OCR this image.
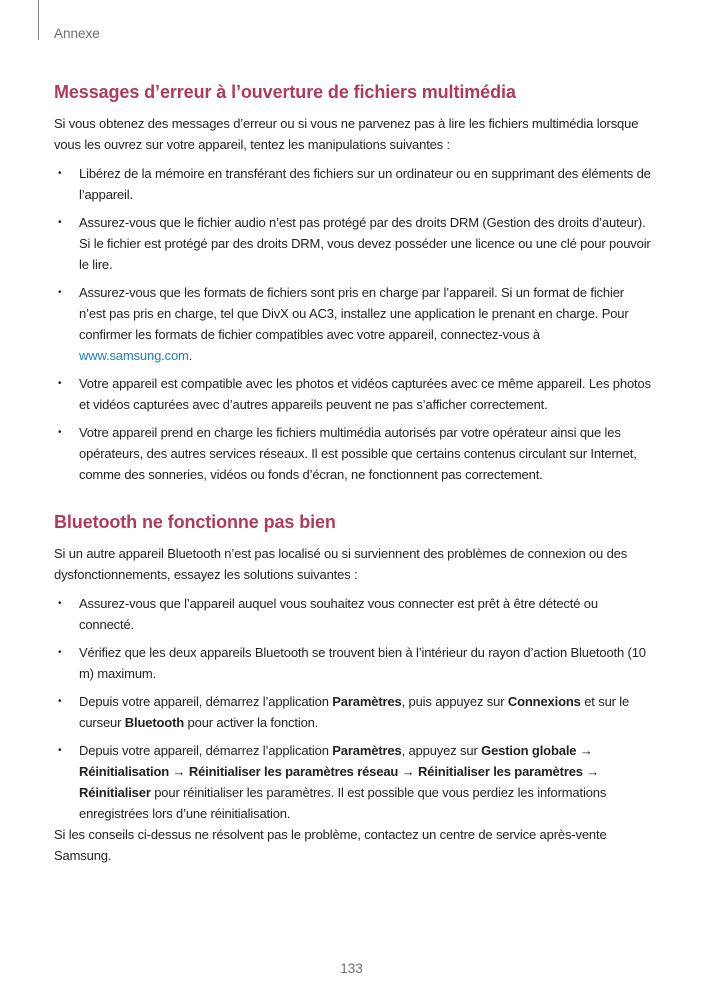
Annexe
Messages d’erreur à l’ouverture de fichiers multimédia

Si vous obtenez des messages d’erreur ou si vous ne parvenez pas à lire les fichiers multimédia lorsque vous les ouvrez sur votre appareil, tentez les manipulations suivantes :

• Libérez de la mémoire en transférant des fichiers sur un ordinateur ou en supprimant des éléments de l’appareil.
• Assurez-vous que le fichier audio n’est pas protégé par des droits DRM (Gestion des droits d’auteur). Si le fichier est protégé par des droits DRM, vous devez posséder une licence ou une clé pour pouvoir le lire.
• Assurez-vous que les formats de fichiers sont pris en charge par l’appareil. Si un format de fichier n’est pas pris en charge, tel que DivX ou AC3, installez une application le prenant en charge. Pour confirmer les formats de fichier compatibles avec votre appareil, connectez-vous à www.samsung.com.
• Votre appareil est compatible avec les photos et vidéos capturées avec ce même appareil. Les photos et vidéos capturées avec d’autres appareils peuvent ne pas s’afficher correctement.
• Votre appareil prend en charge les fichiers multimédia autorisés par votre opérateur ainsi que les opérateurs, des autres services réseaux. Il est possible que certains contenus circulant sur Internet, comme des sonneries, vidéos ou fonds d’écran, ne fonctionnent pas correctement.
Bluetooth ne fonctionne pas bien

Si un autre appareil Bluetooth n’est pas localisé ou si surviennent des problèmes de connexion ou des dysfonctionnements, essayez les solutions suivantes :

• Assurez-vous que l’appareil auquel vous souhaitez vous connecter est prêt à être détecté ou connecté.
• Vérifiez que les deux appareils Bluetooth se trouvent bien à l’intérieur du rayon d’action Bluetooth (10 m) maximum.
• Depuis votre appareil, démarrez l’application Paramètres, puis appuyez sur Connexions et sur le curseur Bluetooth pour activer la fonction.
• Depuis votre appareil, démarrez l’application Paramètres, appuyez sur Gestion globale → Réinitialisation → Réinitialiser les paramètres réseau → Réinitialiser les paramètres → Réinitialiser pour réinitialiser les paramètres. Il est possible que vous perdiez les informations enregistrées lors d’une réinitialisation.

Si les conseils ci-dessus ne résolvent pas le problème, contactez un centre de service après-vente Samsung.

133
